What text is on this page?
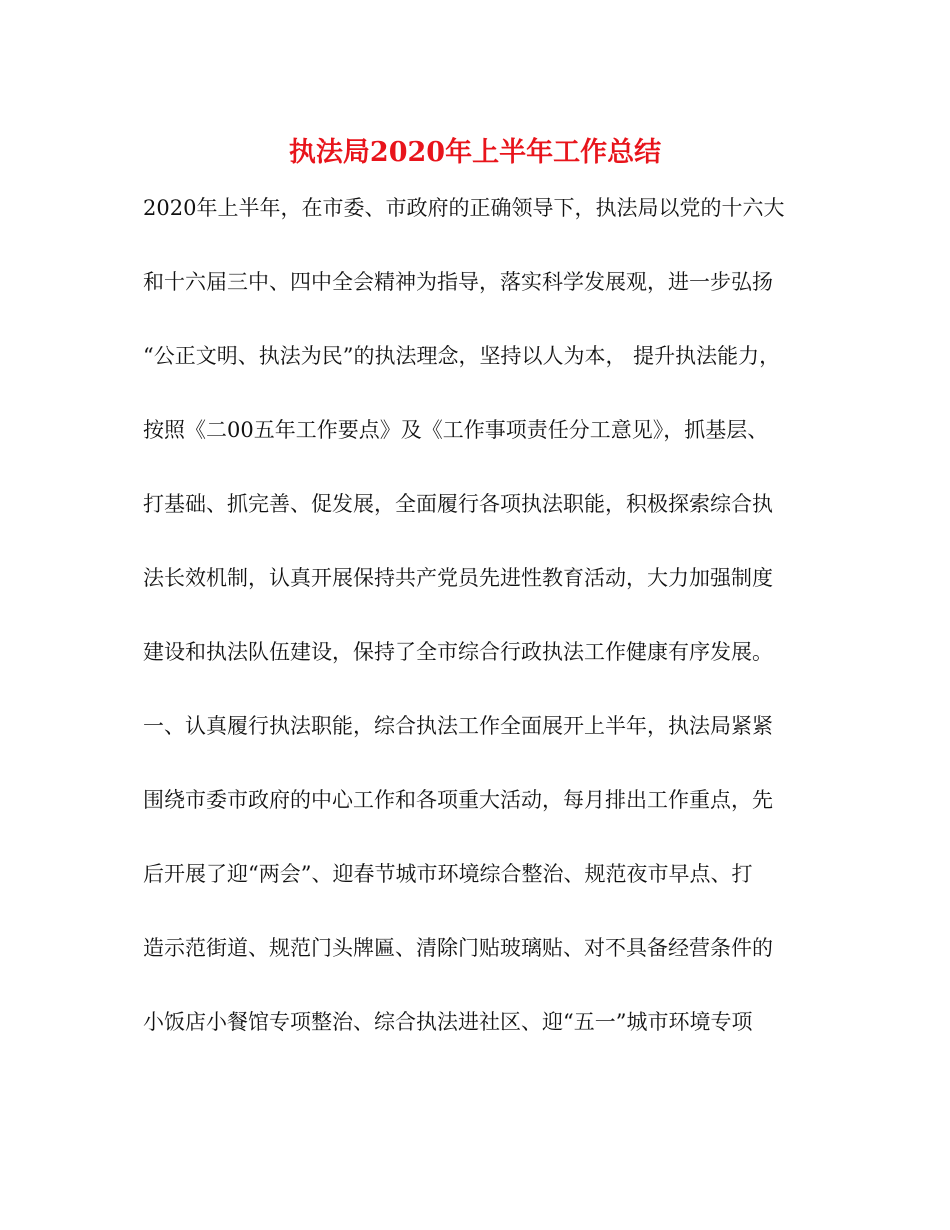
执法局2020年上半年工作总结
2020年上半年，在市委、市政府的正确领导下，执法局以党的十六大
和十六届三中、四中全会精神为指导，落实科学发展观，进一步弘扬
“公正文明、执法为民”的执法理念，坚持以人为本， 提升执法能力，
按照《二00五年工作要点》及《工作事项责任分工意见》，抓基层、
打基础、抓完善、促发展，全面履行各项执法职能，积极探索综合执
法长效机制，认真开展保持共产党员先进性教育活动，大力加强制度
建设和执法队伍建设，保持了全市综合行政执法工作健康有序发展。
一、认真履行执法职能，综合执法工作全面展开上半年，执法局紧紧
围绕市委市政府的中心工作和各项重大活动，每月排出工作重点，先
后开展了迎“两会”、迎春节城市环境综合整治、规范夜市早点、打
造示范街道、规范门头牌匾、清除门贴玻璃贴、对不具备经营条件的
小饭店小餐馆专项整治、综合执法进社区、迎“五一”城市环境专项
